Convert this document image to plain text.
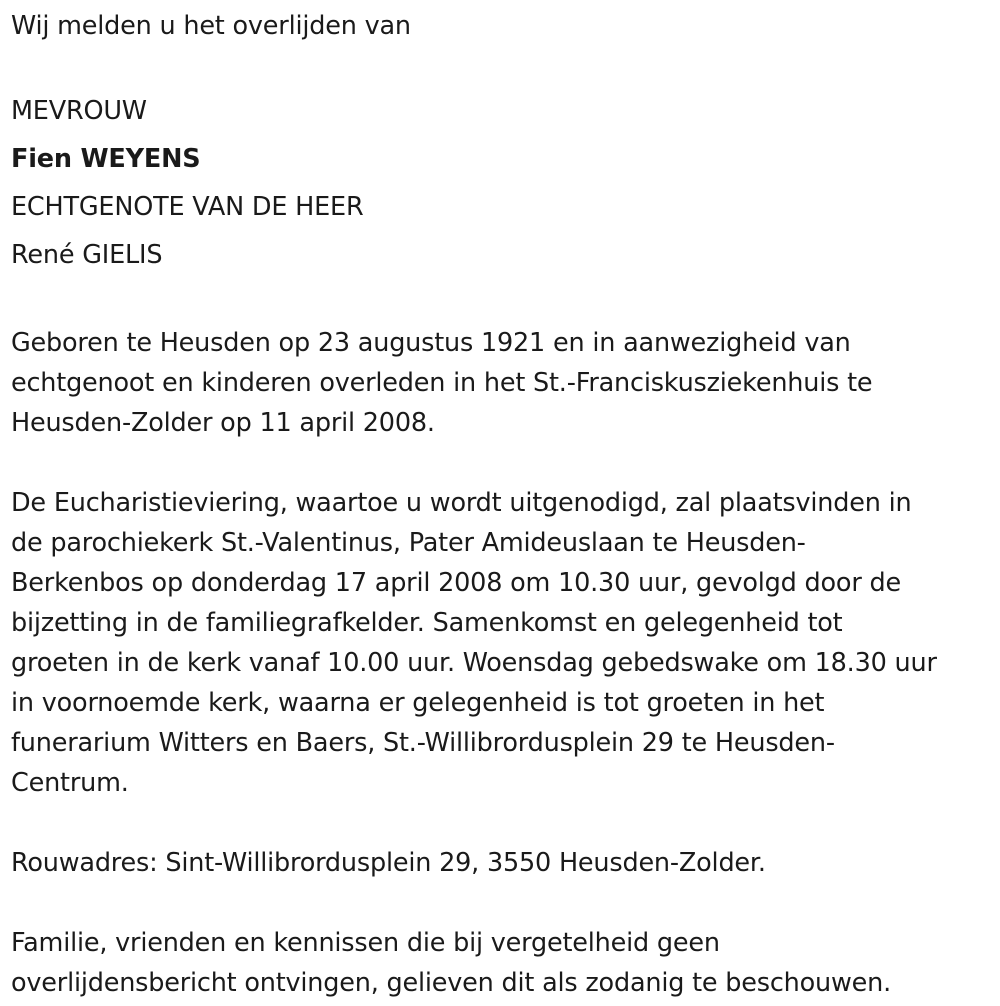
Wij melden u het overlijden van

MEVROUW

Fien WEYENS

ECHTGENOTE VAN DE HEER

René GIELIS

Geboren te Heusden op 23 augustus 1921 en in aanwezigheid van

echtgenoot en kinderen overleden in het St.-Franciskusziekenhuis te

Heusden-Zolder op 11 april 2008.

De Eucharistieviering, waartoe u wordt uitgenodigd, zal plaatsvinden in

de parochiekerk St.-Valentinus, Pater Amideuslaan te Heusden-

Berkenbos op donderdag 17 april 2008 om 10.30 uur, gevolgd door de

bijzetting in de familiegrafkelder. Samenkomst en gelegenheid tot

groeten in de kerk vanaf 10.00 uur. Woensdag gebedswake om 18.30 uur

in voornoemde kerk, waarna er gelegenheid is tot groeten in het

funerarium Witters en Baers, St.-Willibrordusplein 29 te Heusden-

Centrum.

Rouwadres: Sint-Willibrordusplein 29, 3550 Heusden-Zolder.

Familie, vrienden en kennissen die bij vergetelheid geen

overlijdensbericht ontvingen, gelieven dit als zodanig te beschouwen.
